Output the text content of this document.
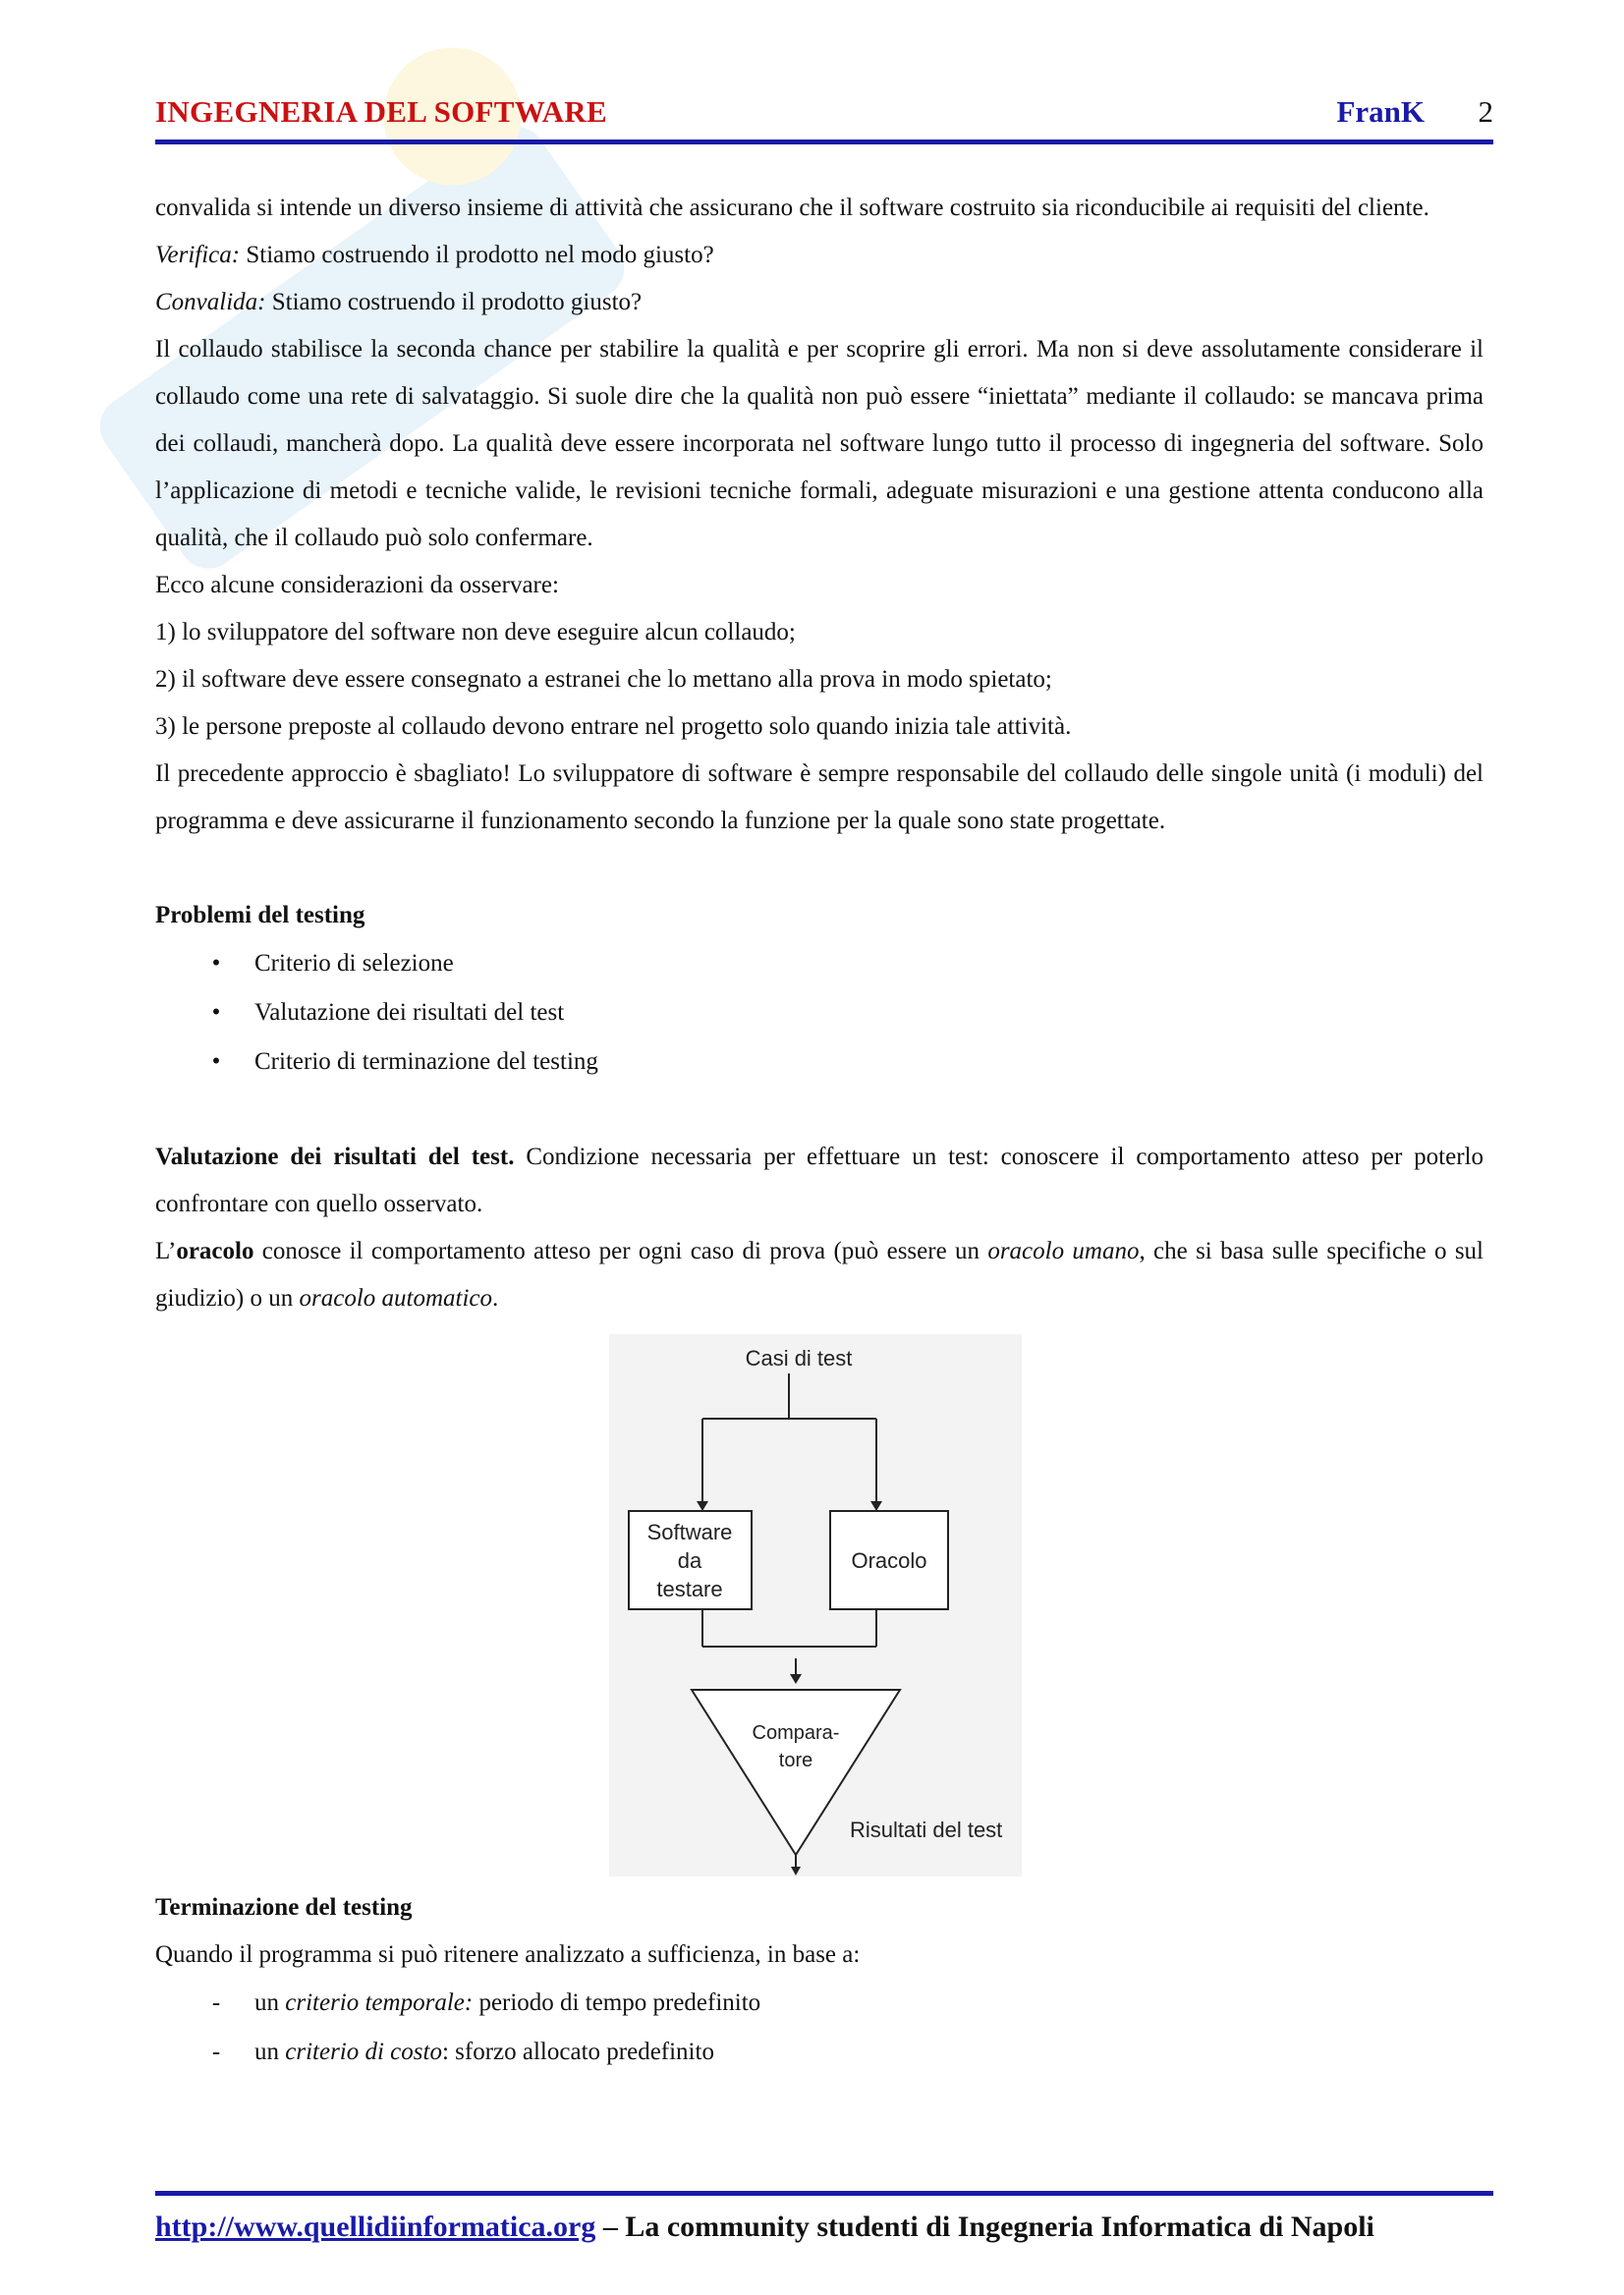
INGEGNERIA DEL SOFTWARE	FranK 2

convalida si intende un diverso insieme di attività che assicurano che il software costruito sia riconducibile ai requisiti del cliente.

Verifica: Stiamo costruendo il prodotto nel modo giusto?

Convalida: Stiamo costruendo il prodotto giusto?

Il collaudo stabilisce la seconda chance per stabilire la qualità e per scoprire gli errori. Ma non si deve assolutamente considerare il collaudo come una rete di salvataggio. Si suole dire che la qualità non può essere “iniettata” mediante il collaudo: se mancava prima dei collaudi, mancherà dopo. La qualità deve essere incorporata nel software lungo tutto il processo di ingegneria del software. Solo l’applicazione di metodi e tecniche valide, le revisioni tecniche formali, adeguate misurazioni e una gestione attenta conducono alla qualità, che il collaudo può solo confermare.

Ecco alcune considerazioni da osservare:

1) lo sviluppatore del software non deve eseguire alcun collaudo;

2) il software deve essere consegnato a estranei che lo mettano alla prova in modo spietato;

3) le persone preposte al collaudo devono entrare nel progetto solo quando inizia tale attività.

Il precedente approccio è sbagliato! Lo sviluppatore di software è sempre responsabile del collaudo delle singole unità (i moduli) del programma e deve assicurarne il funzionamento secondo la funzione per la quale sono state progettate.

Problemi del testing
• Criterio di selezione
• Valutazione dei risultati del test
• Criterio di terminazione del testing

Valutazione dei risultati del test. Condizione necessaria per effettuare un test: conoscere il comportamento atteso per poterlo confrontare con quello osservato.

L’oracolo conosce il comportamento atteso per ogni caso di prova (può essere un oracolo umano, che si basa sulle specifiche o sul giudizio) o un oracolo automatico.

Casi di test
Software
da
testare
Oracolo
Compara-
tore
Risultati del test
Terminazione del testing

Quando il programma si può ritenere analizzato a sufficienza, in base a:

- un criterio temporale: periodo di tempo predefinito
- un criterio di costo: sforzo allocato predefinito
http://www.quellidiinformatica.org – La community studenti di Ingegneria Informatica di Napoli
